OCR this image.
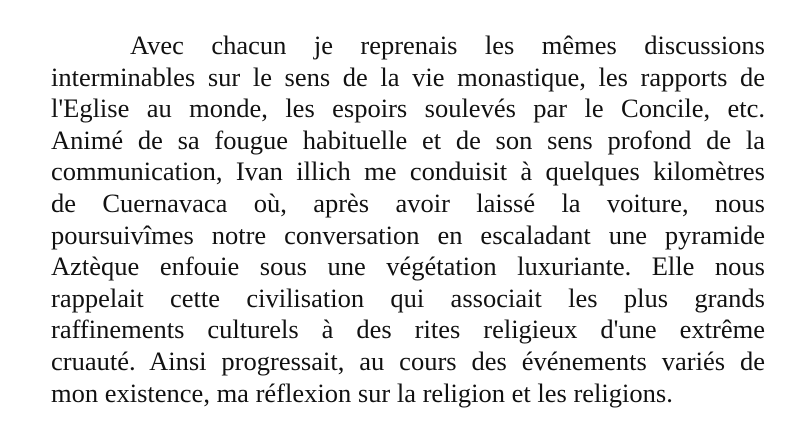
Avec chacun je reprenais les mêmes discussions
interminables sur le sens de la vie monastique, les rapports de
l'Eglise au monde, les espoirs soulevés par le Concile, etc.
Animé de sa fougue habituelle et de son sens profond de la
communication, Ivan illich me conduisit à quelques kilomètres
de Cuernavaca où, après avoir laissé la voiture, nous
poursuivîmes notre conversation en escaladant une pyramide
Aztèque enfouie sous une végétation luxuriante. Elle nous
rappelait cette civilisation qui associait les plus grands
raffinements culturels à des rites religieux d'une extrême
cruauté. Ainsi progressait, au cours des événements variés de
mon existence, ma réflexion sur la religion et les religions.
